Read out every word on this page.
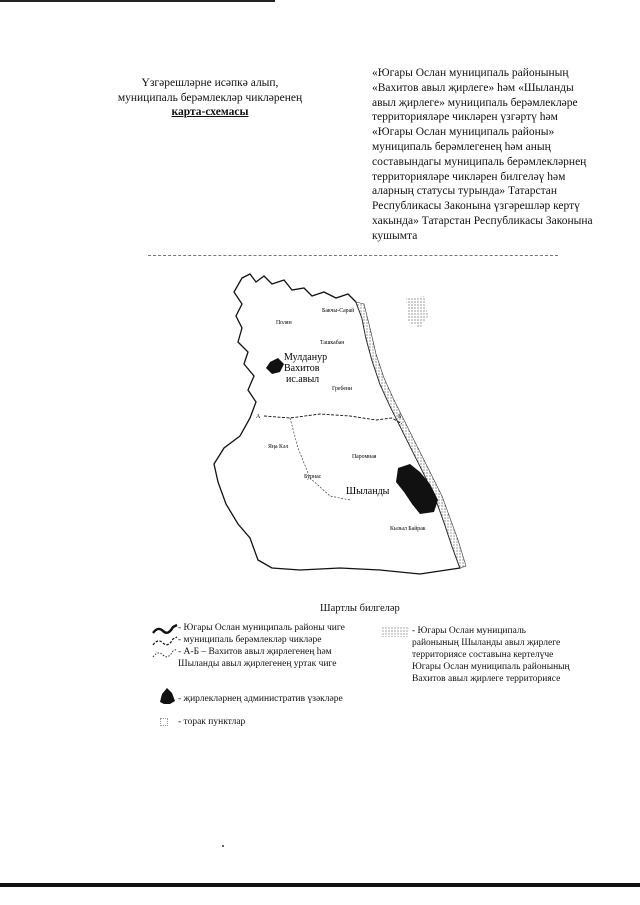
Үзгәрешләрне исәпкә алып,
муниципаль берәмлекләр чикләренең
карта-схемасы
«Югары Ослан муниципаль районының
«Вахитов авыл җирлеге» һәм «Шыланды
авыл җирлеге» муниципаль берәмлекләре
территорияләре чикләрен үзгәртү һәм
«Югары Ослан муниципаль районы»
муниципаль берәмлегенең һәм аның
составындагы муниципаль берәмлекләрнең
территорияләре чикләрен билгеләү һәм
аларның статусы турында» Татарстан
Республикасы Законына үзгәрешләр кертү
хакында» Татарстан Республикасы Законына
кушымта
Полян
Бакчы-Сарай
Ташкабан
Гребени
Яңа Кәл
Паромная
Бурнас
Кызыл Байрак
Мулдануp
Вахитов
ис.авыл
Шыланды
А	Б
Шартлы билгеләр
- Югары Ослан муниципаль районы чиге
- муниципаль берәмлекләр чикләре
- А-Б – Вахитов авыл җирлегенең һәм
Шыланды авыл җирлегенең уртак чиге
- җирлекләрнең административ үзәкләре
- торак пунктлар
- Югары Ослан муниципаль
районының Шыланды авыл җирлеге
территориясе составына кертелүче
Югары Ослан муниципаль районының
Вахитов авыл җирлеге территориясе
